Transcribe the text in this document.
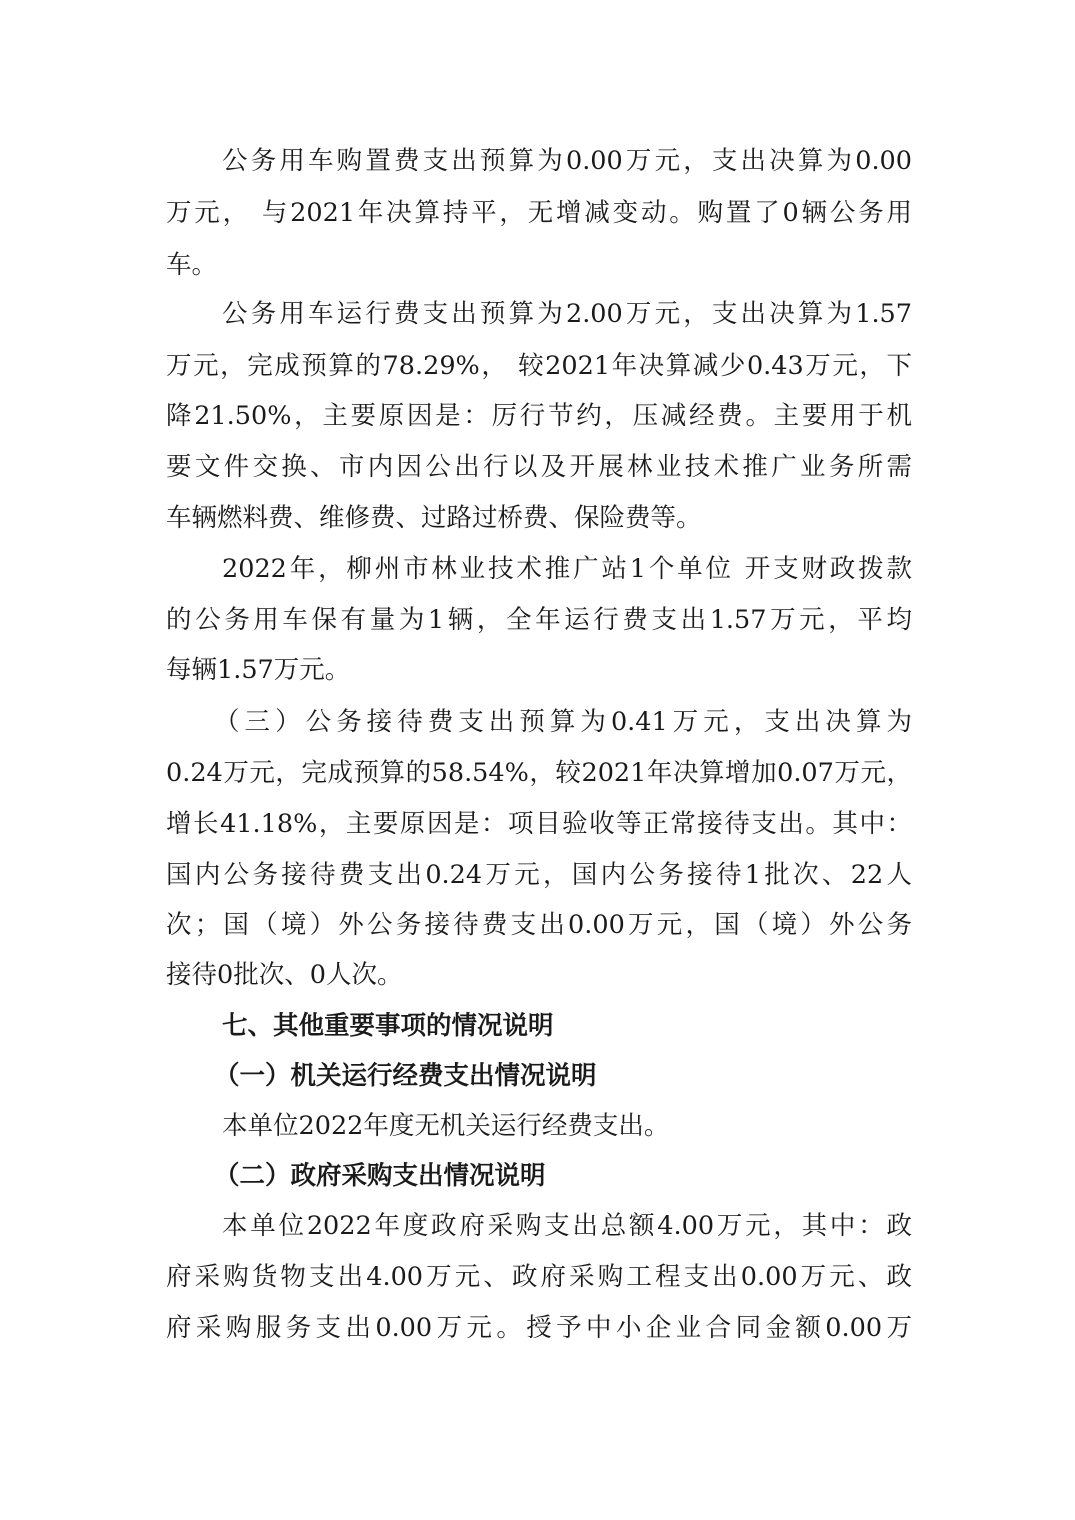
公务用车购置费支出预算为0.00万元，支出决算为0.00
万元， 与2021年决算持平，无增减变动。购置了0辆公务用
车。
公务用车运行费支出预算为2.00万元，支出决算为1.57
万元，完成预算的78.29%， 较2021年决算减少0.43万元，下
降21.50%，主要原因是：厉行节约，压减经费。主要用于机
要文件交换、市内因公出行以及开展林业技术推广业务所需
车辆燃料费、维修费、过路过桥费、保险费等。
2022年，柳州市林业技术推广站1个单位 开支财政拨款
的公务用车保有量为1辆，全年运行费支出1.57万元，平均
每辆1.57万元。
（三）公务接待费支出预算为0.41万元，支出决算为
0.24万元，完成预算的58.54%，较2021年决算增加0.07万元，
增长41.18%，主要原因是：项目验收等正常接待支出。其中：
国内公务接待费支出0.24万元，国内公务接待1批次、22人
次；国（境）外公务接待费支出0.00万元，国（境）外公务
接待0批次、0人次。
七、其他重要事项的情况说明
（一）机关运行经费支出情况说明
本单位2022年度无机关运行经费支出。
（二）政府采购支出情况说明
本单位2022年度政府采购支出总额4.00万元，其中：政
府采购货物支出4.00万元、政府采购工程支出0.00万元、政
府采购服务支出0.00万元。授予中小企业合同金额0.00万
